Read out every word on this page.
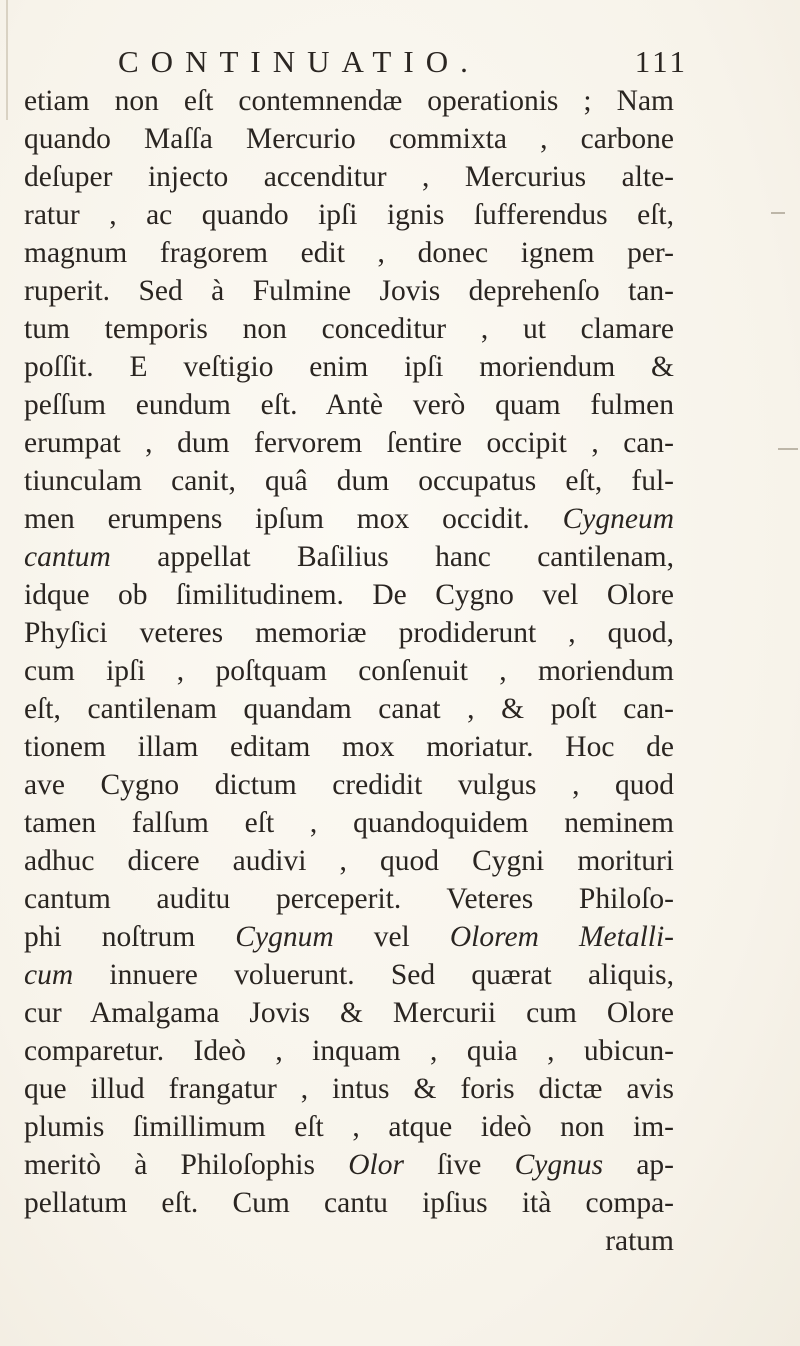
CONTINUATIO.	111
etiam non eſt contemnendæ operationis ; Nam
quando Maſſa Mercurio commixta , carbone
deſuper injecto accenditur , Mercurius alte-
ratur , ac quando ipſi ignis ſufferendus eſt,
magnum fragorem edit , donec ignem per-
ruperit. Sed à Fulmine Jovis deprehenſo tan-
tum temporis non conceditur , ut clamare
poſſit. E veſtigio enim ipſi moriendum &
peſſum eundum eſt. Antè verò quam fulmen
erumpat , dum fervorem ſentire occipit , can-
tiunculam canit, quâ dum occupatus eſt, ful-
men erumpens ipſum mox occidit. Cygneum
cantum appellat Baſilius hanc cantilenam,
idque ob ſimilitudinem. De Cygno vel Olore
Phyſici veteres memoriæ prodiderunt , quod,
cum ipſi , poſtquam conſenuit , moriendum
eſt, cantilenam quandam canat , & poſt can-
tionem illam editam mox moriatur. Hoc de
ave Cygno dictum credidit vulgus , quod
tamen falſum eſt , quandoquidem neminem
adhuc dicere audivi , quod Cygni morituri
cantum auditu perceperit. Veteres Philoſo-
phi noſtrum Cygnum vel Olorem Metalli-
cum innuere voluerunt. Sed quærat aliquis,
cur Amalgama Jovis & Mercurii cum Olore
comparetur. Ideò , inquam , quia , ubicun-
que illud frangatur , intus & foris dictæ avis
plumis ſimillimum eſt , atque ideò non im-
meritò à Philoſophis Olor ſive Cygnus ap-
pellatum eſt. Cum cantu ipſius ità compa-
ratum
